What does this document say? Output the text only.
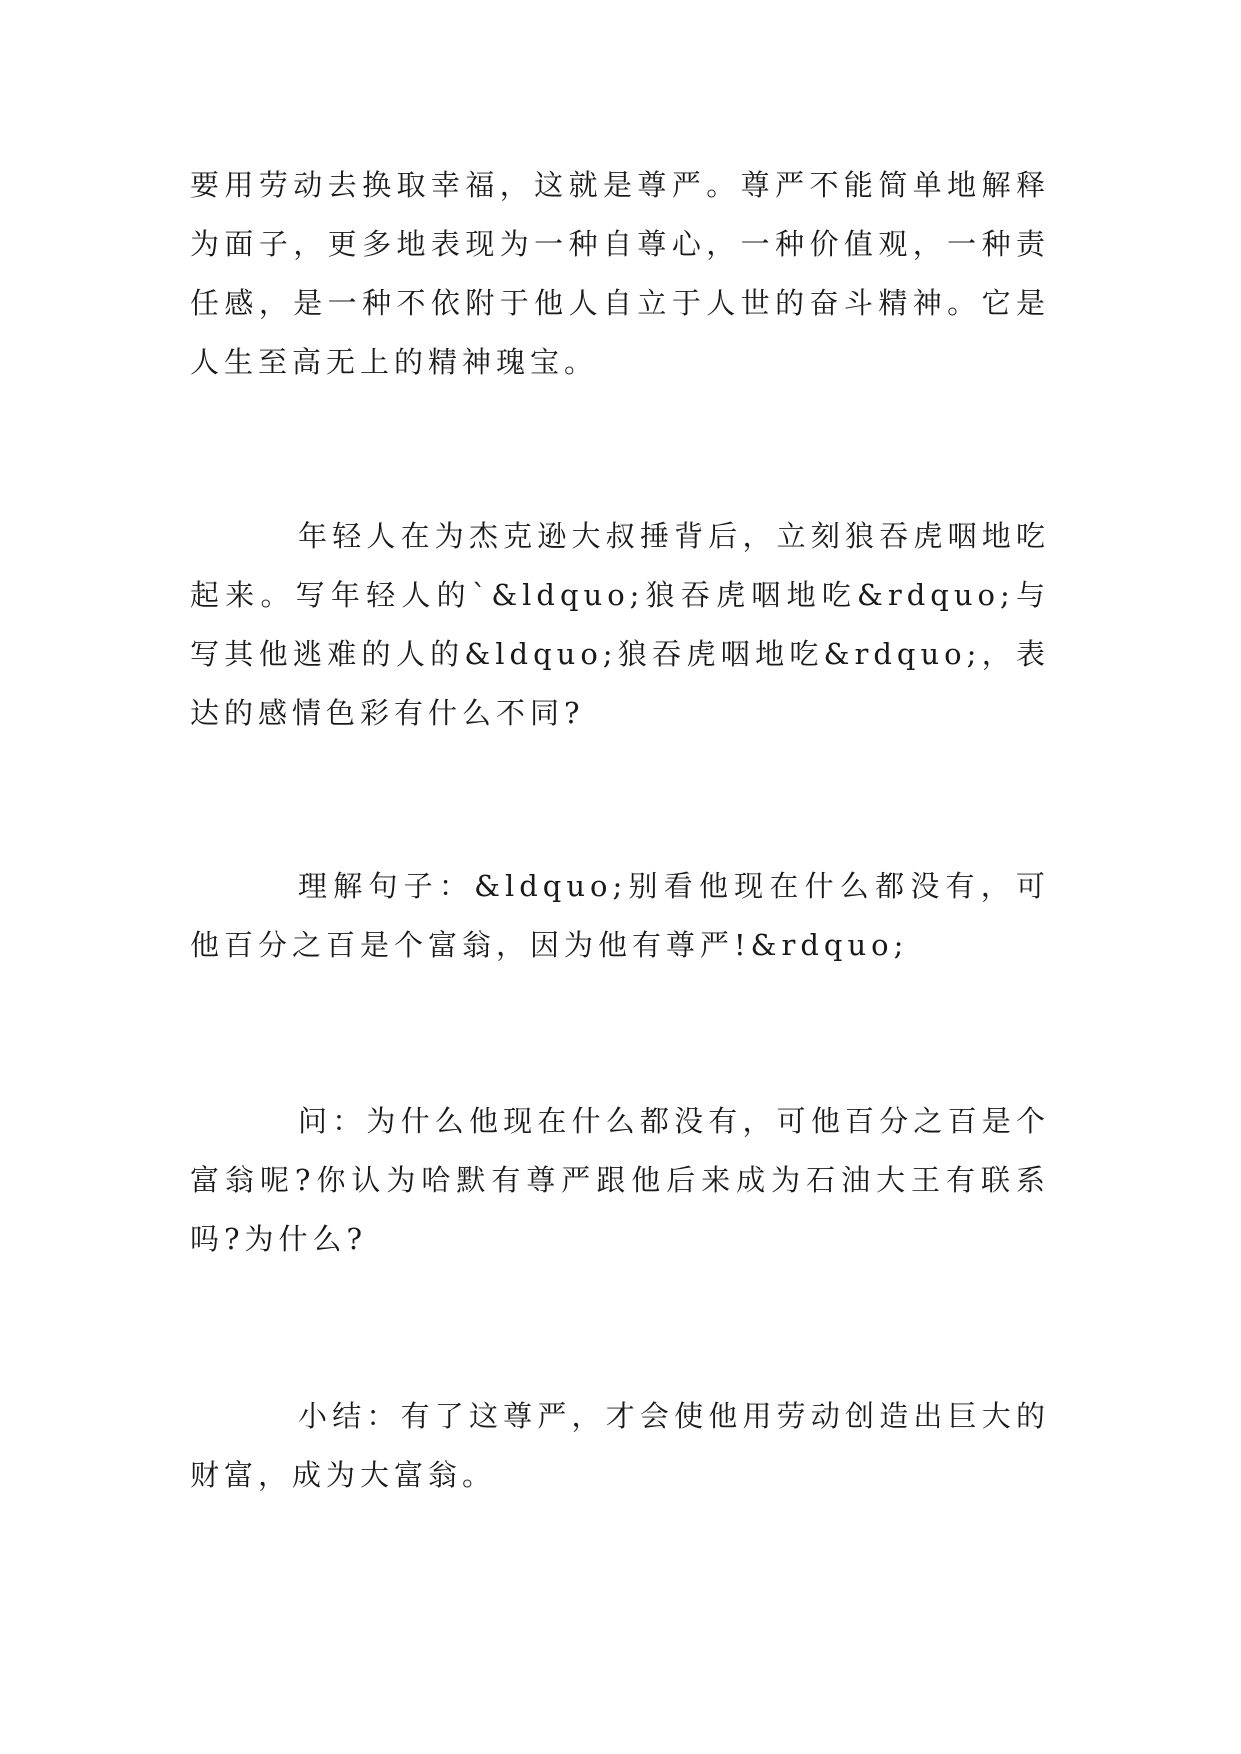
要用劳动去换取幸福，这就是尊严。尊严不能简单地解释为面子，更多地表现为一种自尊心，一种价值观，一种责任感，是一种不依附于他人自立于人世的奋斗精神。它是人生至高无上的精神瑰宝。

年轻人在为杰克逊大叔捶背后，立刻狼吞虎咽地吃起来。写年轻人的`&ldquo;狼吞虎咽地吃&rdquo;与写其他逃难的人的&ldquo;狼吞虎咽地吃&rdquo;，表达的感情色彩有什么不同?

理解句子：&ldquo;别看他现在什么都没有，可他百分之百是个富翁，因为他有尊严!&rdquo;

问：为什么他现在什么都没有，可他百分之百是个富翁呢?你认为哈默有尊严跟他后来成为石油大王有联系吗?为什么?

小结：有了这尊严，才会使他用劳动创造出巨大的财富，成为大富翁。
